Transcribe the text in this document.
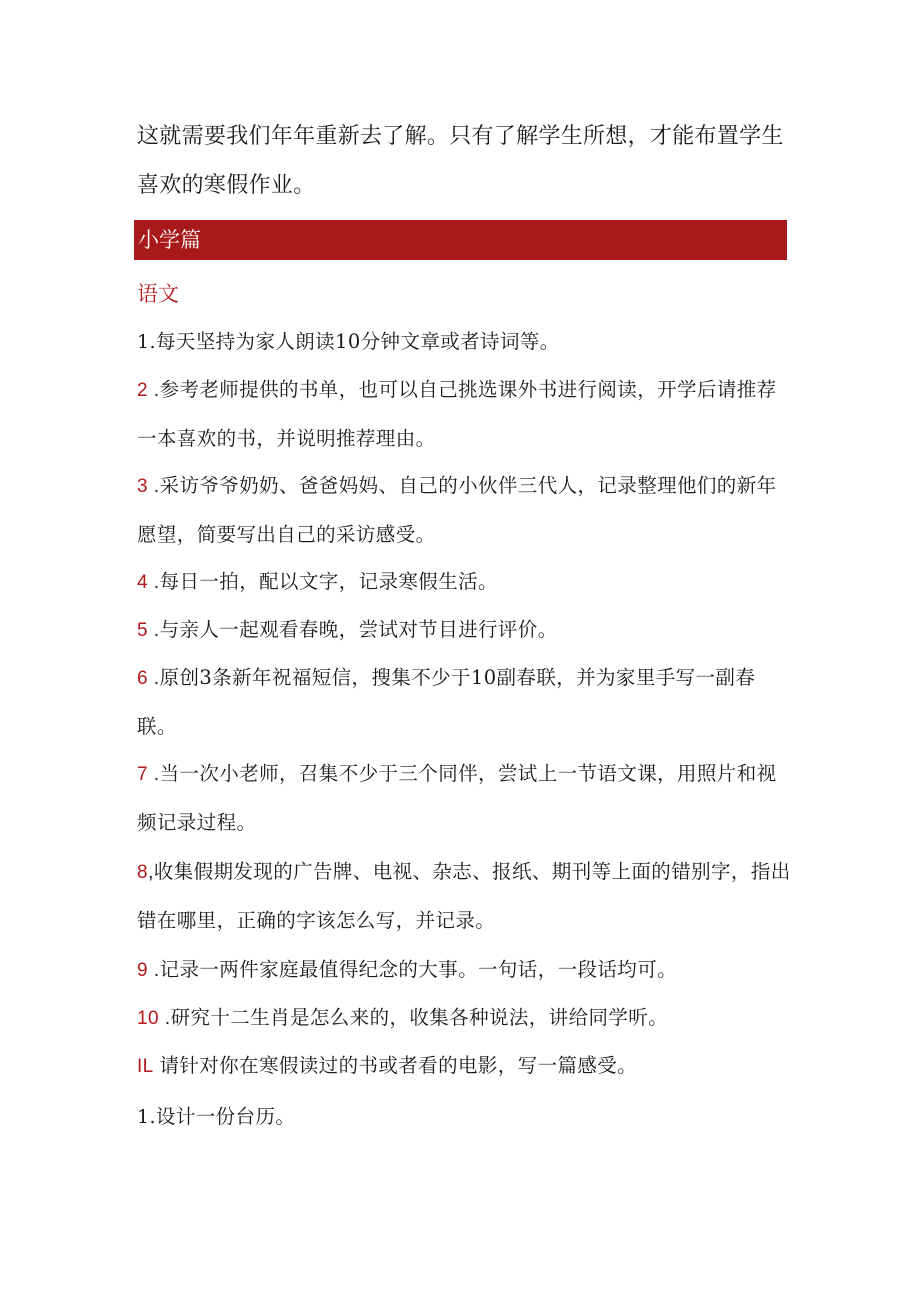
这就需要我们年年重新去了解。只有了解学生所想，才能布置学生喜欢的寒假作业。
小学篇
语文
1.每天坚持为家人朗读10分钟文章或者诗词等。
2 .参考老师提供的书单，也可以自己挑选课外书进行阅读，开学后请推荐一本喜欢的书，并说明推荐理由。
3 .采访爷爷奶奶、爸爸妈妈、自己的小伙伴三代人，记录整理他们的新年愿望，简要写出自己的采访感受。
4 .每日一拍，配以文字，记录寒假生活。
5 .与亲人一起观看春晚，尝试对节目进行评价。
6 .原创3条新年祝福短信，搜集不少于10副春联，并为家里手写一副春联。
7 .当一次小老师，召集不少于三个同伴，尝试上一节语文课，用照片和视频记录过程。
8,收集假期发现的广告牌、电视、杂志、报纸、期刊等上面的错别字，指出错在哪里，正确的字该怎么写，并记录。
9 .记录一两件家庭最值得纪念的大事。一句话，一段话均可。
10 .研究十二生肖是怎么来的，收集各种说法，讲给同学听。
IL 请针对你在寒假读过的书或者看的电影，写一篇感受。
1.设计一份台历。
